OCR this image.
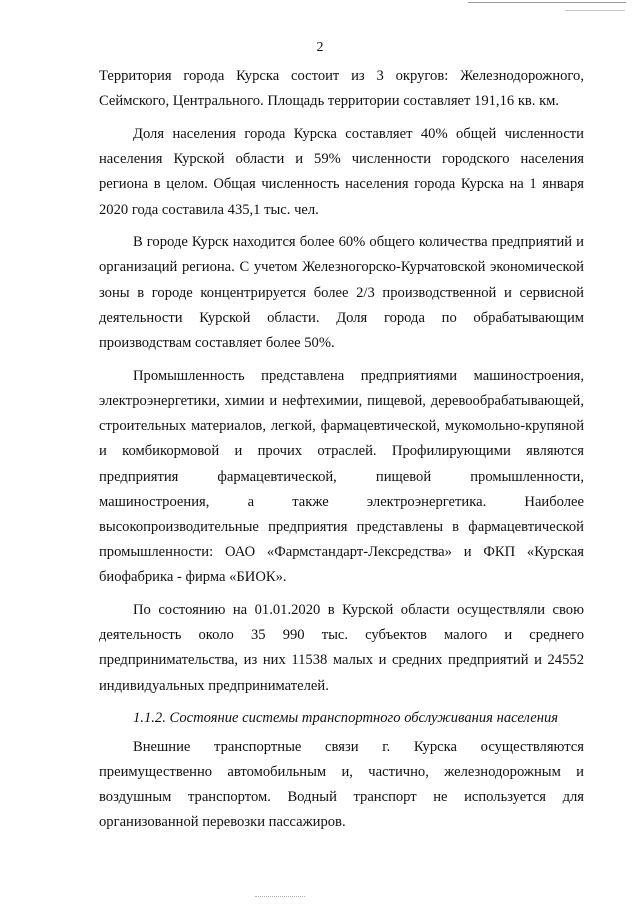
2

Территория города Курска состоит из 3 округов: Железнодорожного, Сеймского, Центрального. Площадь территории составляет 191,16 кв. км.

Доля населения города Курска составляет 40% общей численности населения Курской области и 59% численности городского населения региона в целом. Общая численность населения города Курска на 1 января 2020 года составила 435,1 тыс. чел.

В городе Курск находится более 60% общего количества предприятий и организаций региона. С учетом Железногорско-Курчатовской экономической зоны в городе концентрируется более 2/3 производственной и сервисной деятельности Курской области. Доля города по обрабатывающим производствам составляет более 50%.

Промышленность представлена предприятиями машиностроения, электроэнергетики, химии и нефтехимии, пищевой, деревообрабатывающей, строительных материалов, легкой, фармацевтической, мукомольно-крупяной и комбикормовой и прочих отраслей. Профилирующими являются предприятия фармацевтической, пищевой промышленности, машиностроения, а также электроэнергетика. Наиболее высокопроизводительные предприятия представлены в фармацевтической промышленности: ОАО «Фармстандарт-Лексредства» и ФКП «Курская биофабрика - фирма «БИОК».

По состоянию на 01.01.2020 в Курской области осуществляли свою деятельность около 35 990 тыс. субъектов малого и среднего предпринимательства, из них 11538 малых и средних предприятий и 24552 индивидуальных предпринимателей.

1.1.2. Состояние системы транспортного обслуживания населения

Внешние транспортные связи г. Курска осуществляются преимущественно автомобильным и, частично, железнодорожным и воздушным транспортом. Водный транспорт не используется для организованной перевозки пассажиров.
